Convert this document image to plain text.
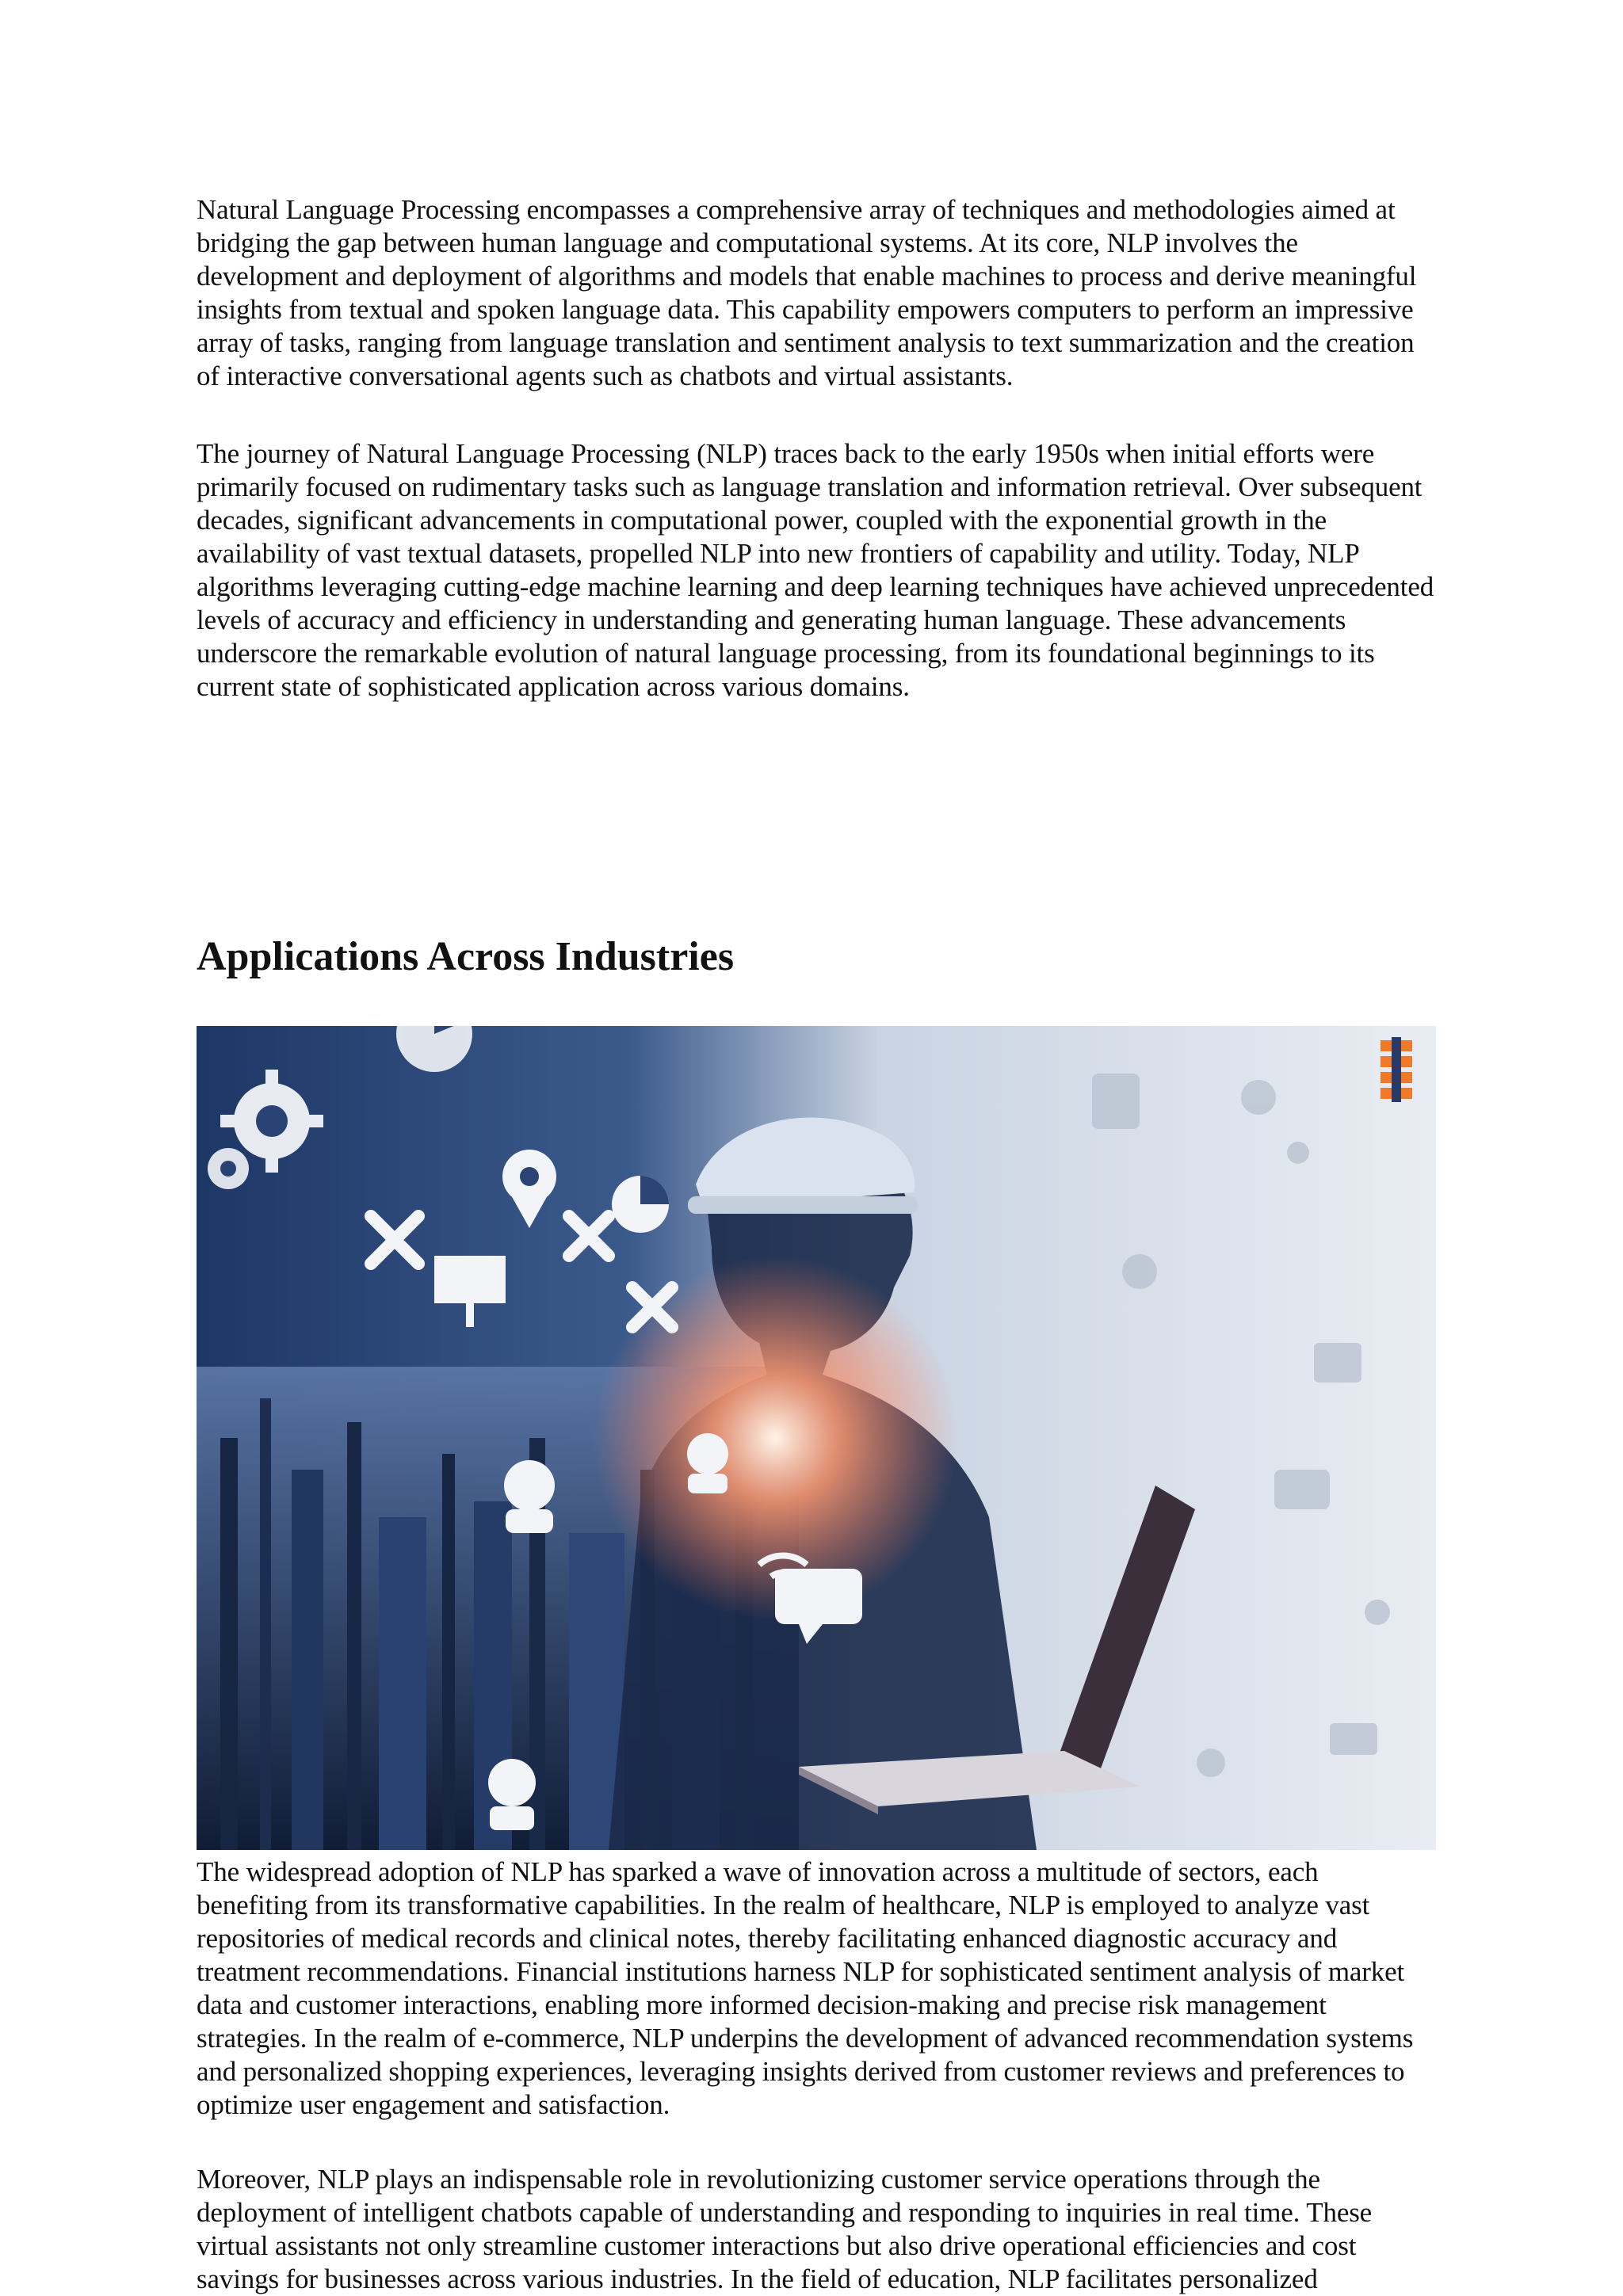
Natural Language Processing encompasses a comprehensive array of techniques and methodologies aimed at bridging the gap between human language and computational systems. At its core, NLP involves the development and deployment of algorithms and models that enable machines to process and derive meaningful insights from textual and spoken language data. This capability empowers computers to perform an impressive array of tasks, ranging from language translation and sentiment analysis to text summarization and the creation of interactive conversational agents such as chatbots and virtual assistants.

The journey of Natural Language Processing (NLP) traces back to the early 1950s when initial efforts were primarily focused on rudimentary tasks such as language translation and information retrieval. Over subsequent decades, significant advancements in computational power, coupled with the exponential growth in the availability of vast textual datasets, propelled NLP into new frontiers of capability and utility. Today, NLP algorithms leveraging cutting-edge machine learning and deep learning techniques have achieved unprecedented levels of accuracy and efficiency in understanding and generating human language. These advancements underscore the remarkable evolution of natural language processing, from its foundational beginnings to its current state of sophisticated application across various domains.

Applications Across Industries

The widespread adoption of NLP has sparked a wave of innovation across a multitude of sectors, each benefiting from its transformative capabilities. In the realm of healthcare, NLP is employed to analyze vast repositories of medical records and clinical notes, thereby facilitating enhanced diagnostic accuracy and treatment recommendations. Financial institutions harness NLP for sophisticated sentiment analysis of market data and customer interactions, enabling more informed decision-making and precise risk management strategies. In the realm of e-commerce, NLP underpins the development of advanced recommendation systems and personalized shopping experiences, leveraging insights derived from customer reviews and preferences to optimize user engagement and satisfaction.

Moreover, NLP plays an indispensable role in revolutionizing customer service operations through the deployment of intelligent chatbots capable of understanding and responding to inquiries in real time. These virtual assistants not only streamline customer interactions but also drive operational efficiencies and cost savings for businesses across various industries. In the field of education, NLP facilitates personalized
